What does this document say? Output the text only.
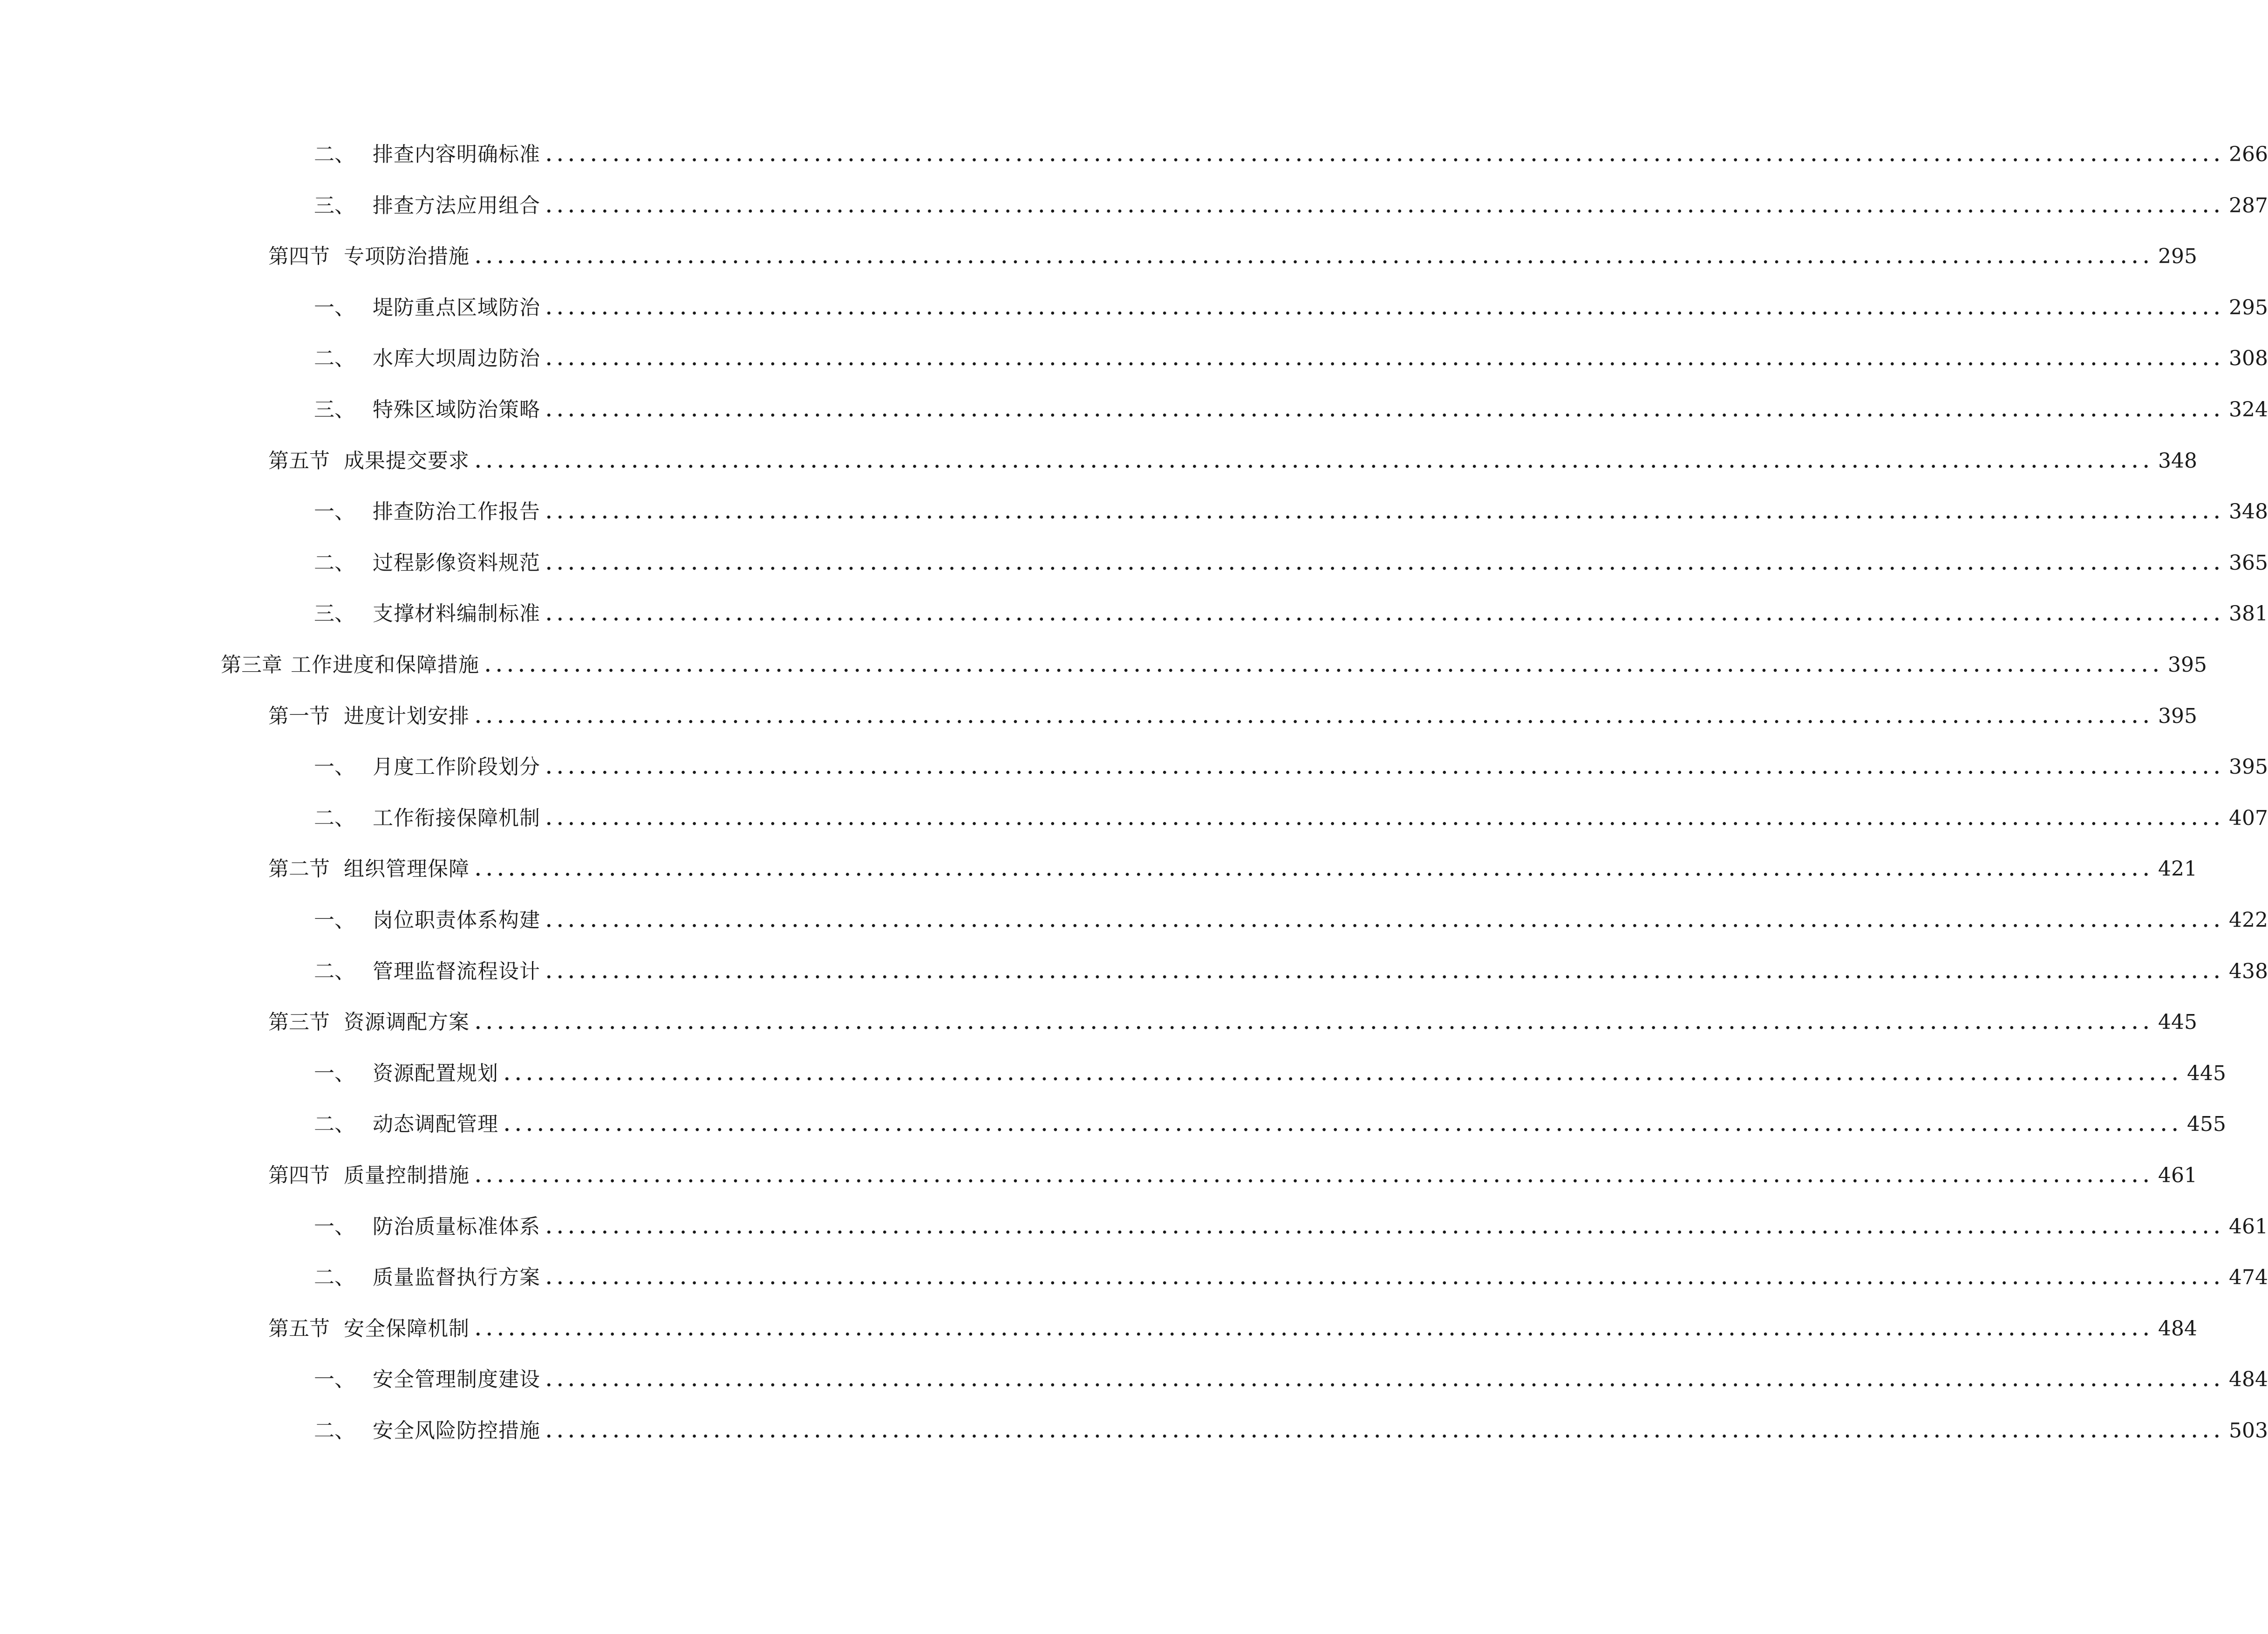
二、 排查内容明确标准 ...................................................................................................................................................... 266
三、 排查方法应用组合 ...................................................................................................................................................... 287
第四节 专项防治措施 ...................................................................................................................................................... 295
一、 堤防重点区域防治 ...................................................................................................................................................... 295
二、 水库大坝周边防治 ...................................................................................................................................................... 308
三、 特殊区域防治策略 ...................................................................................................................................................... 324
第五节 成果提交要求 ...................................................................................................................................................... 348
一、 排查防治工作报告 ...................................................................................................................................................... 348
二、 过程影像资料规范 ...................................................................................................................................................... 365
三、 支撑材料编制标准 ...................................................................................................................................................... 381
第三章 工作进度和保障措施 ...................................................................................................................................................... 395
第一节 进度计划安排 ...................................................................................................................................................... 395
一、 月度工作阶段划分 ...................................................................................................................................................... 395
二、 工作衔接保障机制 ...................................................................................................................................................... 407
第二节 组织管理保障 ...................................................................................................................................................... 421
一、 岗位职责体系构建 ...................................................................................................................................................... 422
二、 管理监督流程设计 ...................................................................................................................................................... 438
第三节 资源调配方案 ...................................................................................................................................................... 445
一、 资源配置规划 ...................................................................................................................................................... 445
二、 动态调配管理 ...................................................................................................................................................... 455
第四节 质量控制措施 ...................................................................................................................................................... 461
一、 防治质量标准体系 ...................................................................................................................................................... 461
二、 质量监督执行方案 ...................................................................................................................................................... 474
第五节 安全保障机制 ...................................................................................................................................................... 484
一、 安全管理制度建设 ...................................................................................................................................................... 484
二、 安全风险防控措施 ...................................................................................................................................................... 503
